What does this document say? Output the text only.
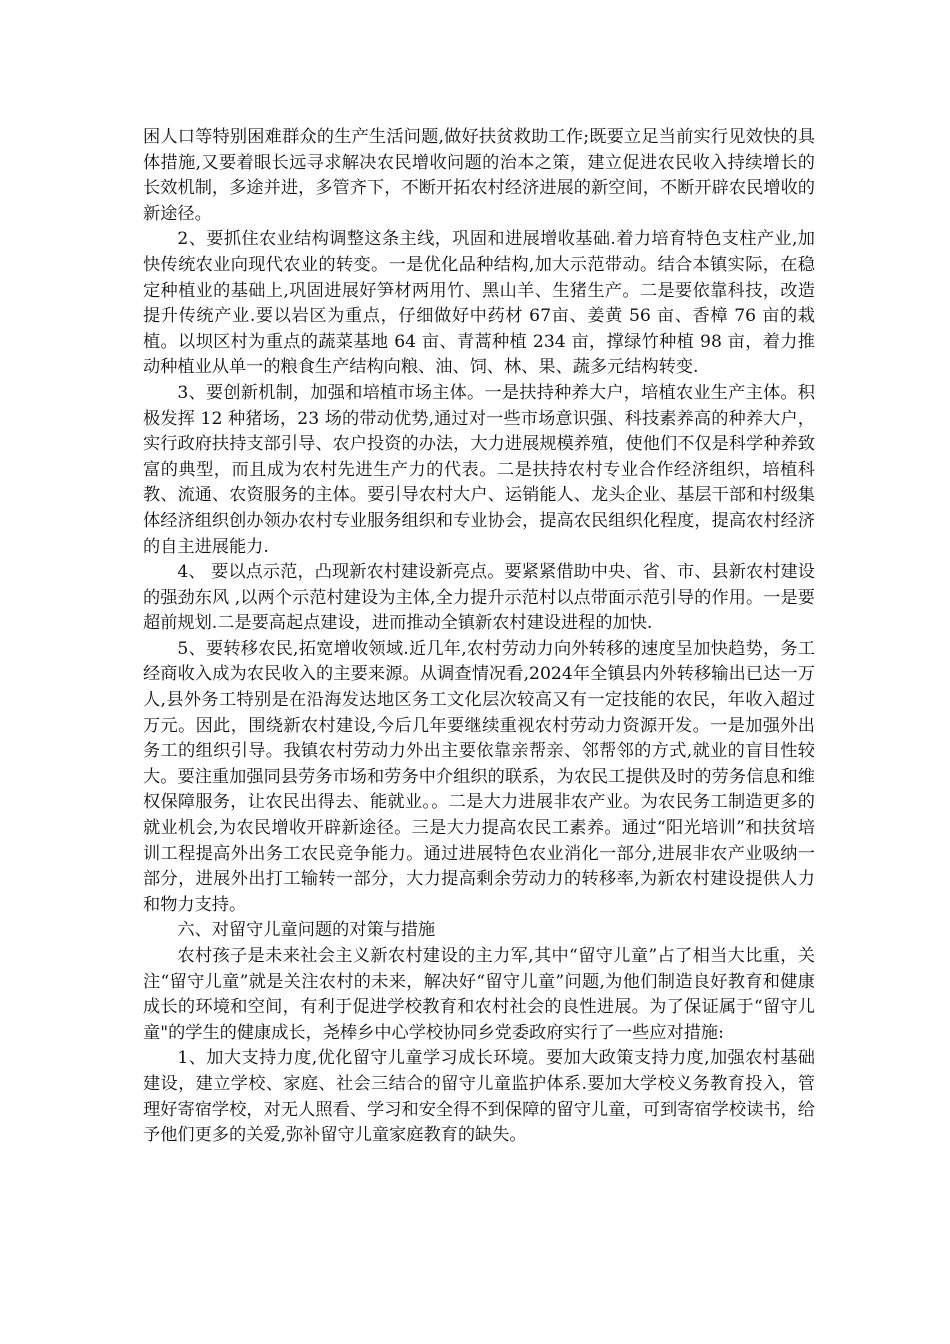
困人口等特别困难群众的生产生活问题,做好扶贫救助工作;既要立足当前实行见效快的具体措施,又要着眼长远寻求解决农民增收问题的治本之策，建立促进农民收入持续增长的长效机制，多途并进，多管齐下，不断开拓农村经济进展的新空间，不断开辟农民增收的新途径。

2、要抓住农业结构调整这条主线，巩固和进展增收基础.着力培育特色支柱产业,加快传统农业向现代农业的转变。一是优化品种结构,加大示范带动。结合本镇实际，在稳定种植业的基础上,巩固进展好笋材两用竹、黑山羊、生猪生产。二是要依靠科技，改造提升传统产业.要以岩区为重点，仔细做好中药材 67亩、姜黄 56 亩、香樟 76 亩的栽植。以坝区村为重点的蔬菜基地 64 亩、青蒿种植 234 亩，撑绿竹种植 98 亩，着力推动种植业从单一的粮食生产结构向粮、油、饲、林、果、蔬多元结构转变.

3、要创新机制，加强和培植市场主体。一是扶持种养大户，培植农业生产主体。积极发挥 12 种猪场，23 场的带动优势,通过对一些市场意识强、科技素养高的种养大户，实行政府扶持支部引导、农户投资的办法，大力进展规模养殖，使他们不仅是科学种养致富的典型，而且成为农村先进生产力的代表。二是扶持农村专业合作经济组织，培植科教、流通、农资服务的主体。要引导农村大户、运销能人、龙头企业、基层干部和村级集体经济组织创办领办农村专业服务组织和专业协会，提高农民组织化程度，提高农村经济的自主进展能力.

4、 要以点示范，凸现新农村建设新亮点。要紧紧借助中央、省、市、县新农村建设的强劲东风 ,以两个示范村建设为主体,全力提升示范村以点带面示范引导的作用。一是要超前规划.二是要高起点建设，进而推动全镇新农村建设进程的加快.

5、要转移农民,拓宽增收领域.近几年,农村劳动力向外转移的速度呈加快趋势，务工经商收入成为农民收入的主要来源。从调查情况看,2024年全镇县内外转移输出已达一万人,县外务工特别是在沿海发达地区务工文化层次较高又有一定技能的农民，年收入超过万元。因此，围绕新农村建设,今后几年要继续重视农村劳动力资源开发。一是加强外出务工的组织引导。我镇农村劳动力外出主要依靠亲帮亲、邻帮邻的方式,就业的盲目性较大。要注重加强同县劳务市场和劳务中介组织的联系，为农民工提供及时的劳务信息和维权保障服务，让农民出得去、能就业。。二是大力进展非农产业。为农民务工制造更多的就业机会,为农民增收开辟新途径。三是大力提高农民工素养。通过“阳光培训”和扶贫培训工程提高外出务工农民竞争能力。通过进展特色农业消化一部分,进展非农产业吸纳一部分，进展外出打工输转一部分，大力提高剩余劳动力的转移率,为新农村建设提供人力和物力支持。

六、对留守儿童问题的对策与措施

农村孩子是未来社会主义新农村建设的主力军,其中“留守儿童”占了相当大比重，关注“留守儿童”就是关注农村的未来，解决好“留守儿童”问题,为他们制造良好教育和健康成长的环境和空间，有利于促进学校教育和农村社会的良性进展。为了保证属于“留守儿童"的学生的健康成长，尧棒乡中心学校协同乡党委政府实行了一些应对措施:

1、加大支持力度,优化留守儿童学习成长环境。要加大政策支持力度,加强农村基础建设，建立学校、家庭、社会三结合的留守儿童监护体系.要加大学校义务教育投入，管理好寄宿学校，对无人照看、学习和安全得不到保障的留守儿童，可到寄宿学校读书，给予他们更多的关爱,弥补留守儿童家庭教育的缺失。
